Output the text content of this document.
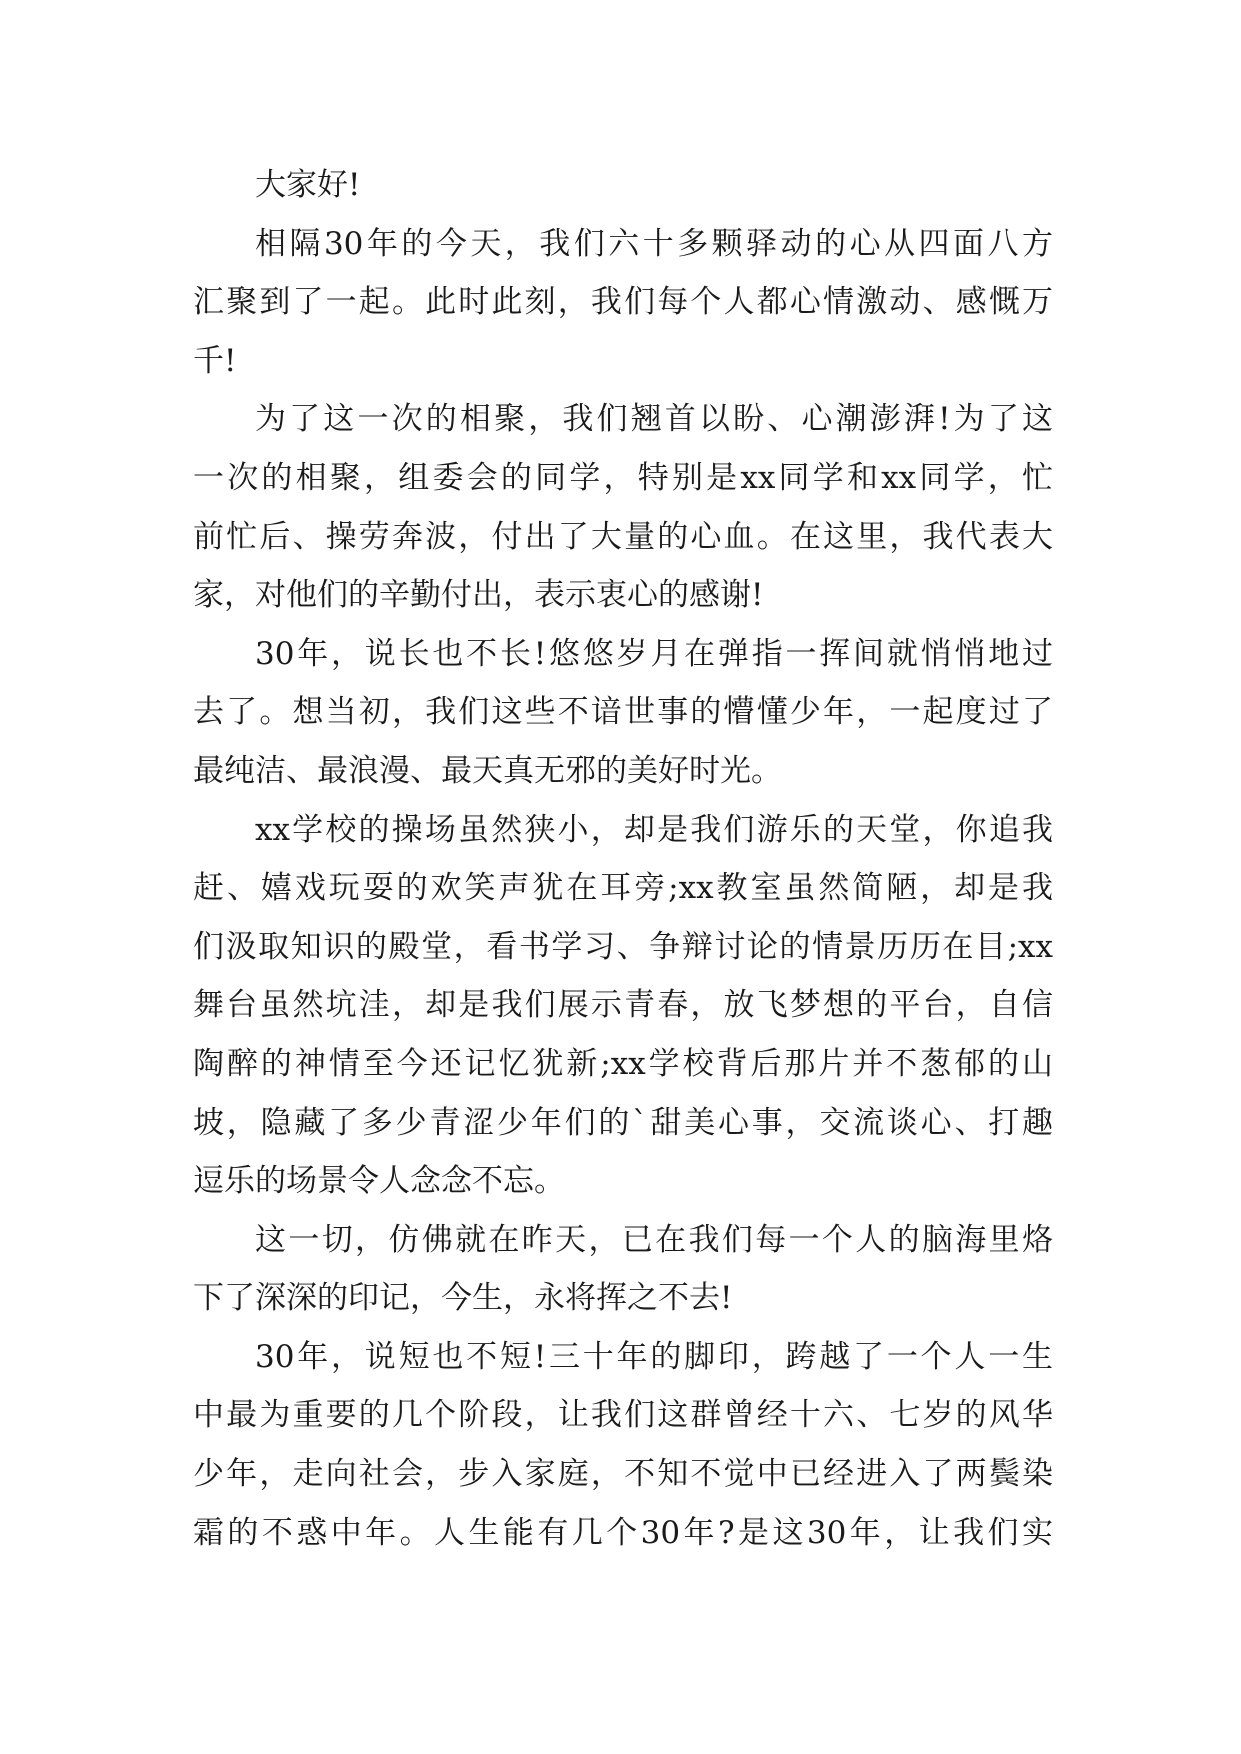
大家好!
相隔30年的今天，我们六十多颗驿动的心从四面八方
汇聚到了一起。此时此刻，我们每个人都心情激动、感慨万
千!
为了这一次的相聚，我们翘首以盼、心潮澎湃!为了这
一次的相聚，组委会的同学，特别是xx同学和xx同学，忙
前忙后、操劳奔波，付出了大量的心血。在这里，我代表大
家，对他们的辛勤付出，表示衷心的感谢!
30年，说长也不长!悠悠岁月在弹指一挥间就悄悄地过
去了。想当初，我们这些不谙世事的懵懂少年，一起度过了
最纯洁、最浪漫、最天真无邪的美好时光。
xx学校的操场虽然狭小，却是我们游乐的天堂，你追我
赶、嬉戏玩耍的欢笑声犹在耳旁;xx教室虽然简陋，却是我
们汲取知识的殿堂，看书学习、争辩讨论的情景历历在目;xx
舞台虽然坑洼，却是我们展示青春，放飞梦想的平台，自信
陶醉的神情至今还记忆犹新;xx学校背后那片并不葱郁的山
坡，隐藏了多少青涩少年们的`甜美心事，交流谈心、打趣
逗乐的场景令人念念不忘。
这一切，仿佛就在昨天，已在我们每一个人的脑海里烙
下了深深的印记，今生，永将挥之不去!
30年，说短也不短!三十年的脚印，跨越了一个人一生
中最为重要的几个阶段，让我们这群曾经十六、七岁的风华
少年，走向社会，步入家庭，不知不觉中已经进入了两鬓染
霜的不惑中年。人生能有几个30年?是这30年，让我们实
